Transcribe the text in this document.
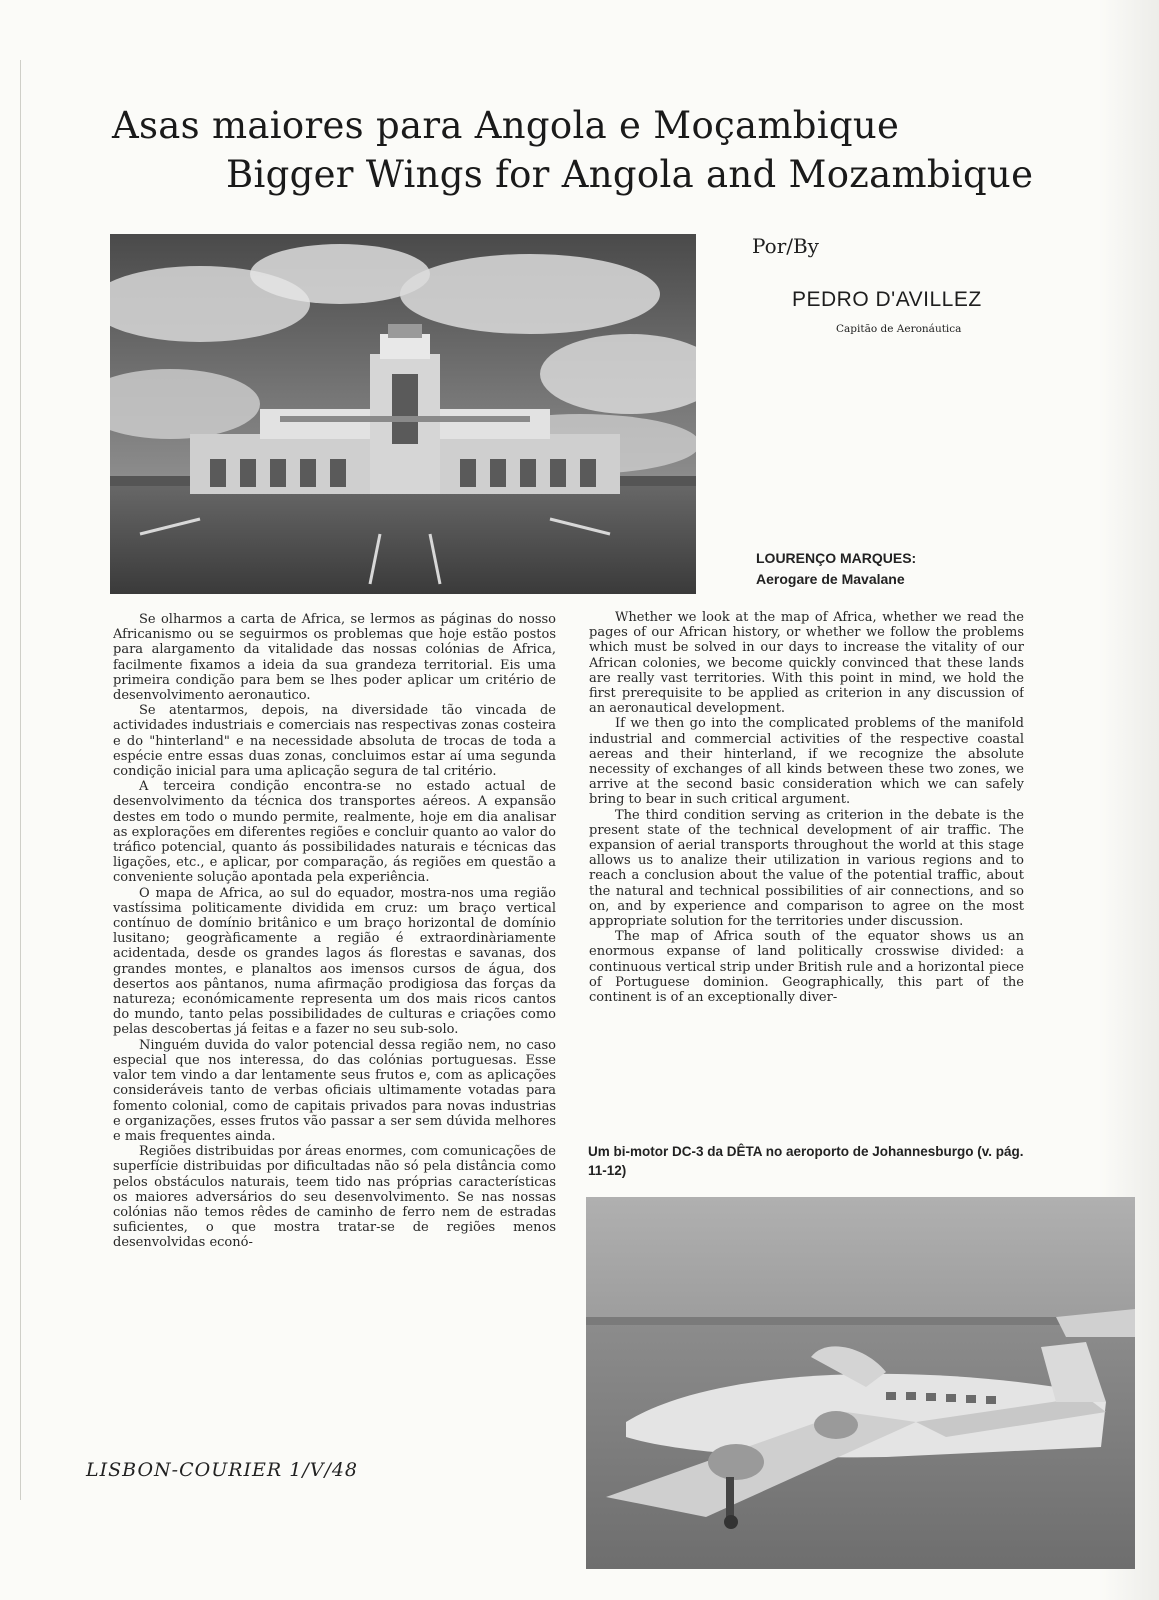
Asas maiores para Angola e Moçambique
Bigger Wings for Angola and Mozambique
Por/By
PEDRO D'AVILLEZ
Capitão de Aeronáutica
LOURENÇO MARQUES:
Aerogare de Mavalane

Se olharmos a carta de Africa, se lermos as páginas do nosso Africanismo ou se seguirmos os problemas que hoje estão postos para alargamento da vitalidade das nossas colónias de Africa, facilmente fixamos a ideia da sua grandeza territorial. Eis uma primeira condição para bem se lhes poder aplicar um critério de desenvolvimento aeronautico.

Se atentarmos, depois, na diversidade tão vincada de actividades industriais e comerciais nas respectivas zonas costeira e do "hinterland" e na necessidade absoluta de trocas de toda a espécie entre essas duas zonas, concluimos estar aí uma segunda condição inicial para uma aplicação segura de tal critério.

A terceira condição encontra-se no estado actual de desenvolvimento da técnica dos transportes aéreos. A expansão destes em todo o mundo permite, realmente, hoje em dia analisar as explorações em diferentes regiões e concluir quanto ao valor do tráfico potencial, quanto ás possibilidades naturais e técnicas das ligações, etc., e aplicar, por comparação, ás regiões em questão a conveniente solução apontada pela experiência.

O mapa de Africa, ao sul do equador, mostra-nos uma região vastíssima politicamente dividida em cruz: um braço vertical contínuo de domínio britânico e um braço horizontal de domínio lusitano; geogràficamente a região é extraordinàriamente acidentada, desde os grandes lagos ás florestas e savanas, dos grandes montes, e planaltos aos imensos cursos de água, dos desertos aos pântanos, numa afirmação prodigiosa das forças da natureza; económicamente representa um dos mais ricos cantos do mundo, tanto pelas possibilidades de culturas e criações como pelas descobertas já feitas e a fazer no seu sub-solo.

Ninguém duvida do valor potencial dessa região nem, no caso especial que nos interessa, do das colónias portuguesas. Esse valor tem vindo a dar lentamente seus frutos e, com as aplicações consideráveis tanto de verbas oficiais ultimamente votadas para fomento colonial, como de capitais privados para novas industrias e organizações, esses frutos vão passar a ser sem dúvida melhores e mais frequentes ainda.

Regiões distribuidas por áreas enormes, com comunicações de superfície distribuidas por dificultadas não só pela distância como pelos obstáculos naturais, teem tido nas próprias características os maiores adversários do seu desenvolvimento. Se nas nossas colónias não temos rêdes de caminho de ferro nem de estradas suficientes, o que mostra tratar-se de regiões menos desenvolvidas econó-

Whether we look at the map of Africa, whether we read the pages of our African history, or whether we follow the problems which must be solved in our days to increase the vitality of our African colonies, we become quickly convinced that these lands are really vast territories. With this point in mind, we hold the first prerequisite to be applied as criterion in any discussion of an aeronautical development.

If we then go into the complicated problems of the manifold industrial and commercial activities of the respective coastal aereas and their hinterland, if we recognize the absolute necessity of exchanges of all kinds between these two zones, we arrive at the second basic consideration which we can safely bring to bear in such critical argument.

The third condition serving as criterion in the debate is the present state of the technical development of air traffic. The expansion of aerial transports throughout the world at this stage allows us to analize their utilization in various regions and to reach a conclusion about the value of the potential traffic, about the natural and technical possibilities of air connections, and so on, and by experience and comparison to agree on the most appropriate solution for the territories under discussion.

The map of Africa south of the equator shows us an enormous expanse of land politically crosswise divided: a continuous vertical strip under British rule and a horizontal piece of Portuguese dominion. Geographically, this part of the continent is of an exceptionally diver-

Um bi-motor DC-3 da DÊTA no aeroporto de Johannesburgo (v. pág. 11-12)
LISBON-COURIER 1/V/48
